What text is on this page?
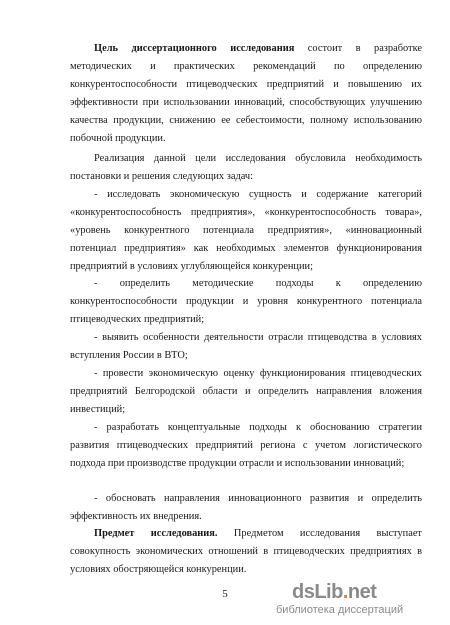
Цель диссертационного исследования состоит в разработке методических и практических рекомендаций по определению конкурентоспособности птицеводческих предприятий и повышению их эффективности при использовании инноваций, способствующих улучшению качества продукции, снижению ее себестоимости, полному использованию побочной продукции.

Реализация данной цели исследования обусловила необходимость постановки и решения следующих задач:

- исследовать экономическую сущность и содержание категорий «конкурентоспособность предприятия», «конкурентоспособность товара», «уровень конкурентного потенциала предприятия», «инновационный потенциал предприятия» как необходимых элементов функционирования предприятий в условиях углубляющейся конкуренции;

- определить методические подходы к определению конкурентоспособности продукции и уровня конкурентного потенциала птицеводческих предприятий;

- выявить особенности деятельности отрасли птицеводства в условиях вступления России в ВТО;

- провести экономическую оценку функционирования птицеводческих предприятий Белгородской области и определить направления вложения инвестиций;

- разработать концептуальные подходы к обоснованию стратегии развития птицеводческих предприятий региона с учетом логистического подхода при производстве продукции отрасли и использовании инноваций;

- обосновать направления инновационного развития и определить эффективность их внедрения.

Предмет исследования. Предметом исследования выступает совокупность экономических отношений в птицеводческих предприятиях в условиях обостряющейся конкуренции.

5	dsLib.net
библиотека диссертаций
